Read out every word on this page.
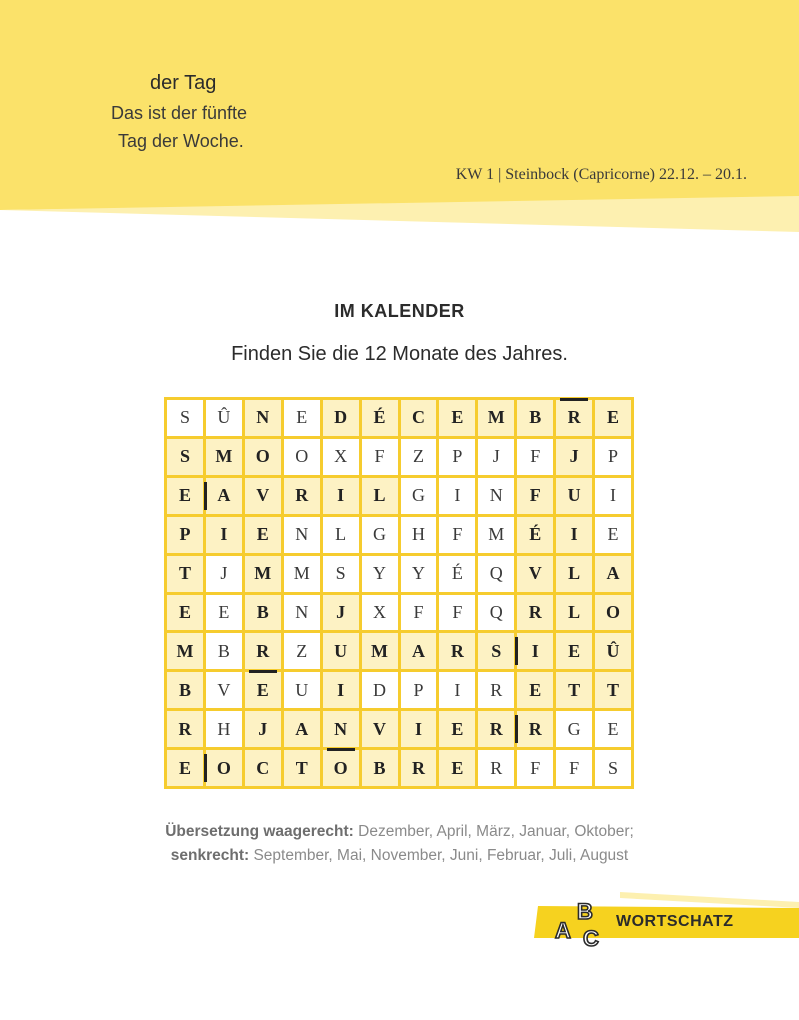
der Tag
Das ist der fünfte
Tag der Woche.
KW 1 | Steinbock (Capricorne) 22.12. – 20.1.
IM KALENDER
Finden Sie die 12 Monate des Jahres.
S	Û	N	E	D	É	C	E	M	B	R	E
S	M	O	O	X	F	Z	P	J	F	J	P
E	A	V	R	I	L	G	I	N	F	U	I
P	I	E	N	L	G	H	F	M	É	I	E
T	J	M	M	S	Y	Y	É	Q	V	L	A
E	E	B	N	J	X	F	F	Q	R	L	O
M	B	R	Z	U	M	A	R	S	I	E	Û
B	V	E	U	I	D	P	I	R	E	T	T
R	H	J	A	N	V	I	E	R	R	G	E
E	O	C	T	O	B	R	E	R	F	F	S
Übersetzung waagerecht: Dezember, April, März, Januar, Oktober;
senkrecht: September, Mai, November, Juni, Februar, Juli, August
A
B
C
WORTSCHATZ
